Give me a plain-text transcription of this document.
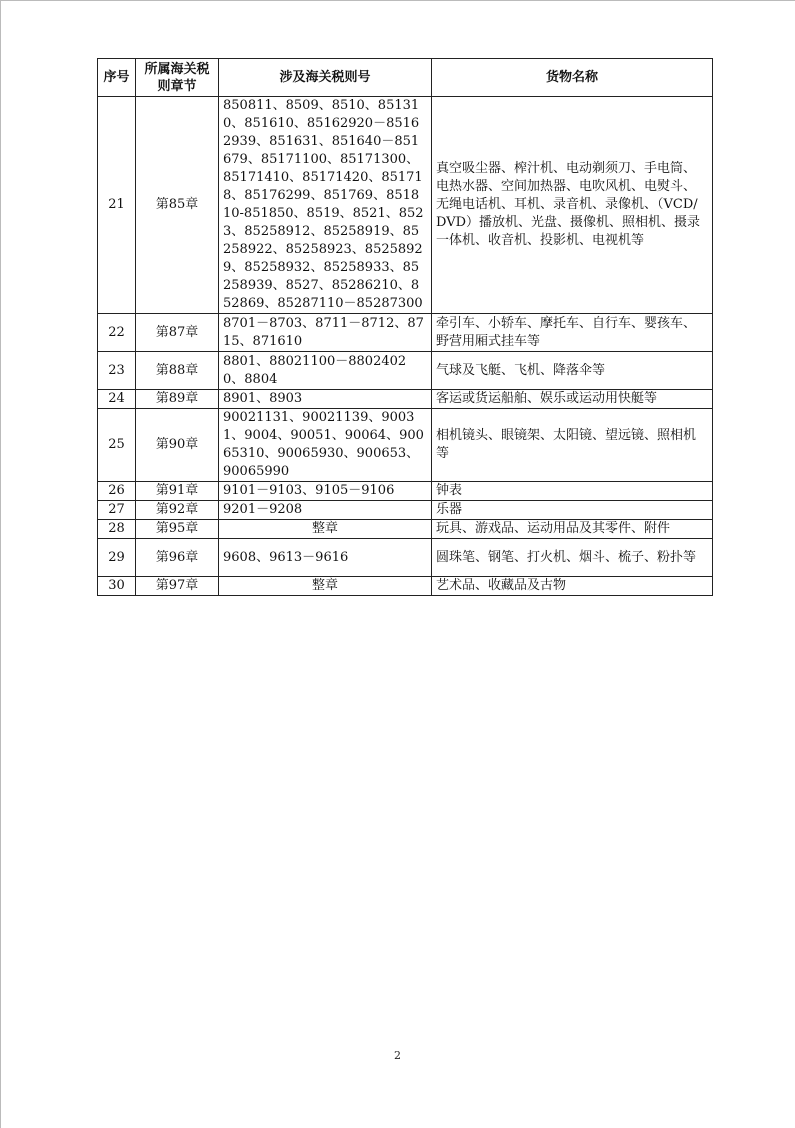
序号	所属海关税则章节	涉及海关税则号	货物名称
21	第85章	850811、8509、8510、851310、851610、85162920－85162939、851631、851640－851679、85171100、85171300、85171410、85171420、851718、85176299、851769、851810-851850、8519、8521、8523、85258912、85258919、85258922、85258923、85258929、85258932、85258933、85258939、8527、85286210、852869、85287110－85287300	真空吸尘器、榨汁机、电动剃须刀、手电筒、电热水器、空间加热器、电吹风机、电熨斗、无绳电话机、耳机、录音机、录像机、（VCD/DVD）播放机、光盘、摄像机、照相机、摄录一体机、收音机、投影机、电视机等
22	第87章	8701－8703、8711－8712、8715、871610	牵引车、小轿车、摩托车、自行车、婴孩车、野营用厢式挂车等
23	第88章	8801、88021100－88024020、8804	气球及飞艇、飞机、降落伞等
24	第89章	8901、8903	客运或货运船舶、娱乐或运动用快艇等
25	第90章	90021131、90021139、90031、9004、90051、90064、90065310、90065930、900653、90065990	相机镜头、眼镜架、太阳镜、望远镜、照相机等
26	第91章	9101－9103、9105－9106	钟表
27	第92章	9201－9208	乐器
28	第95章	整章	玩具、游戏品、运动用品及其零件、附件
29	第96章	9608、9613－9616	圆珠笔、钢笔、打火机、烟斗、梳子、粉扑等
30	第97章	整章	艺术品、收藏品及古物
2
